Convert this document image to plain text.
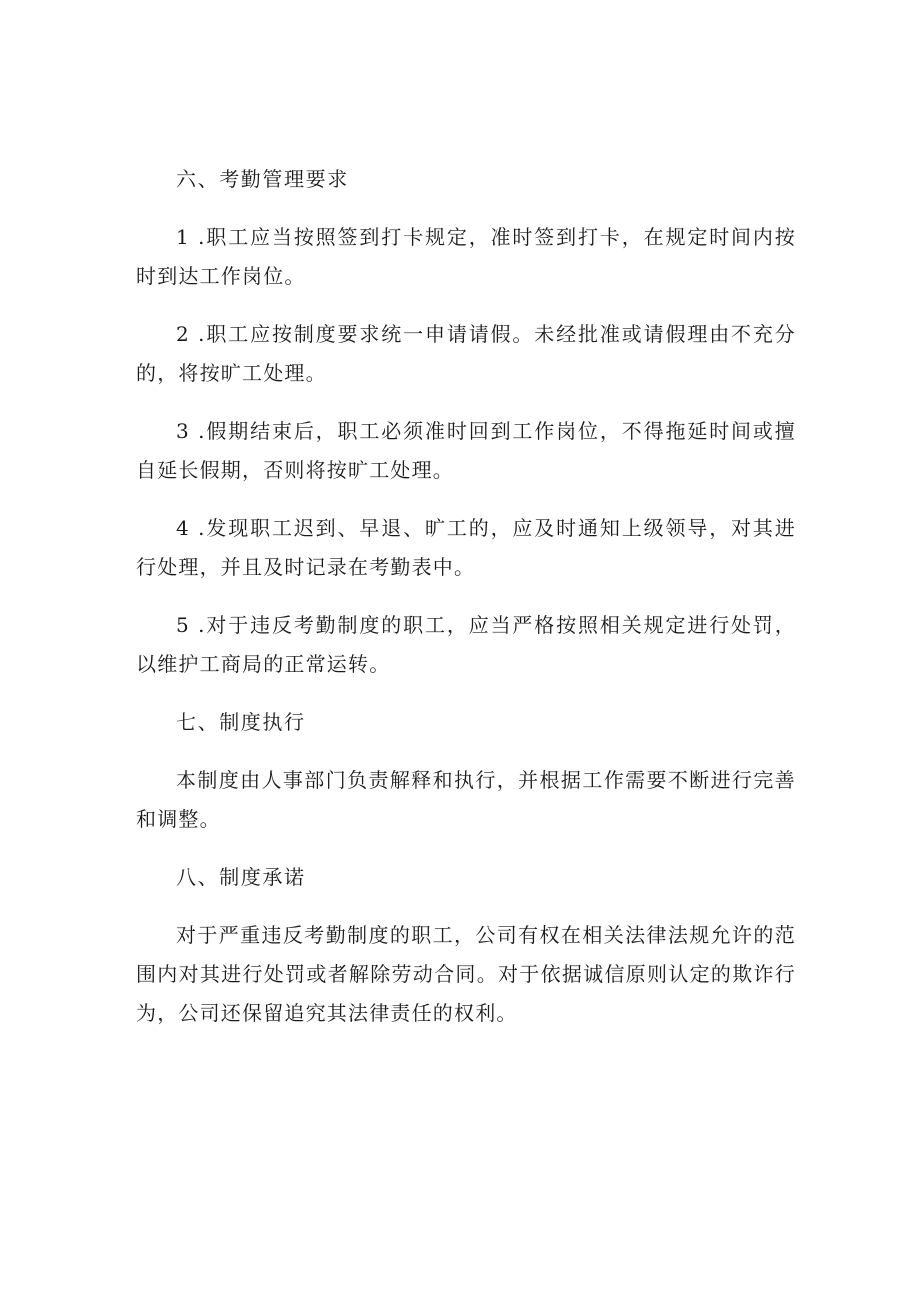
六、考勤管理要求

1 .职工应当按照签到打卡规定，准时签到打卡，在规定时间内按时到达工作岗位。

2 .职工应按制度要求统一申请请假。未经批准或请假理由不充分的，将按旷工处理。

3 .假期结束后，职工必须准时回到工作岗位，不得拖延时间或擅自延长假期，否则将按旷工处理。

4 .发现职工迟到、早退、旷工的，应及时通知上级领导，对其进行处理，并且及时记录在考勤表中。

5 .对于违反考勤制度的职工，应当严格按照相关规定进行处罚，以维护工商局的正常运转。

七、制度执行

本制度由人事部门负责解释和执行，并根据工作需要不断进行完善和调整。

八、制度承诺

对于严重违反考勤制度的职工，公司有权在相关法律法规允许的范围内对其进行处罚或者解除劳动合同。对于依据诚信原则认定的欺诈行为，公司还保留追究其法律责任的权利。
